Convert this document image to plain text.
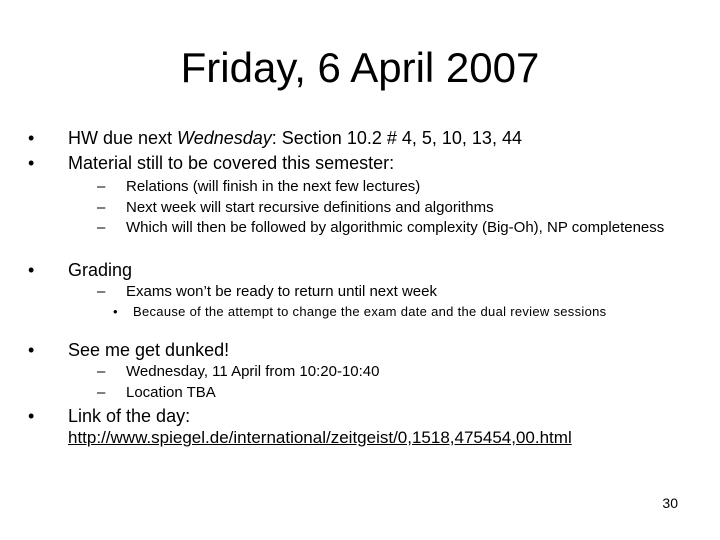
Friday, 6 April 2007
•	HW due next Wednesday: Section 10.2 # 4, 5, 10, 13, 44
•	Material still to be covered this semester:
– Relations (will finish in the next few lectures)
– Next week will start recursive definitions and algorithms
– Which will then be followed by algorithmic complexity (Big-Oh), NP completeness
•	Grading
– Exams won’t be ready to return until next week
• Because of the attempt to change the exam date and the dual review sessions
•	See me get dunked!
– Wednesday, 11 April from 10:20-10:40
– Location TBA
•	Link of the day:
http://www.spiegel.de/international/zeitgeist/0,1518,475454,00.html
30
